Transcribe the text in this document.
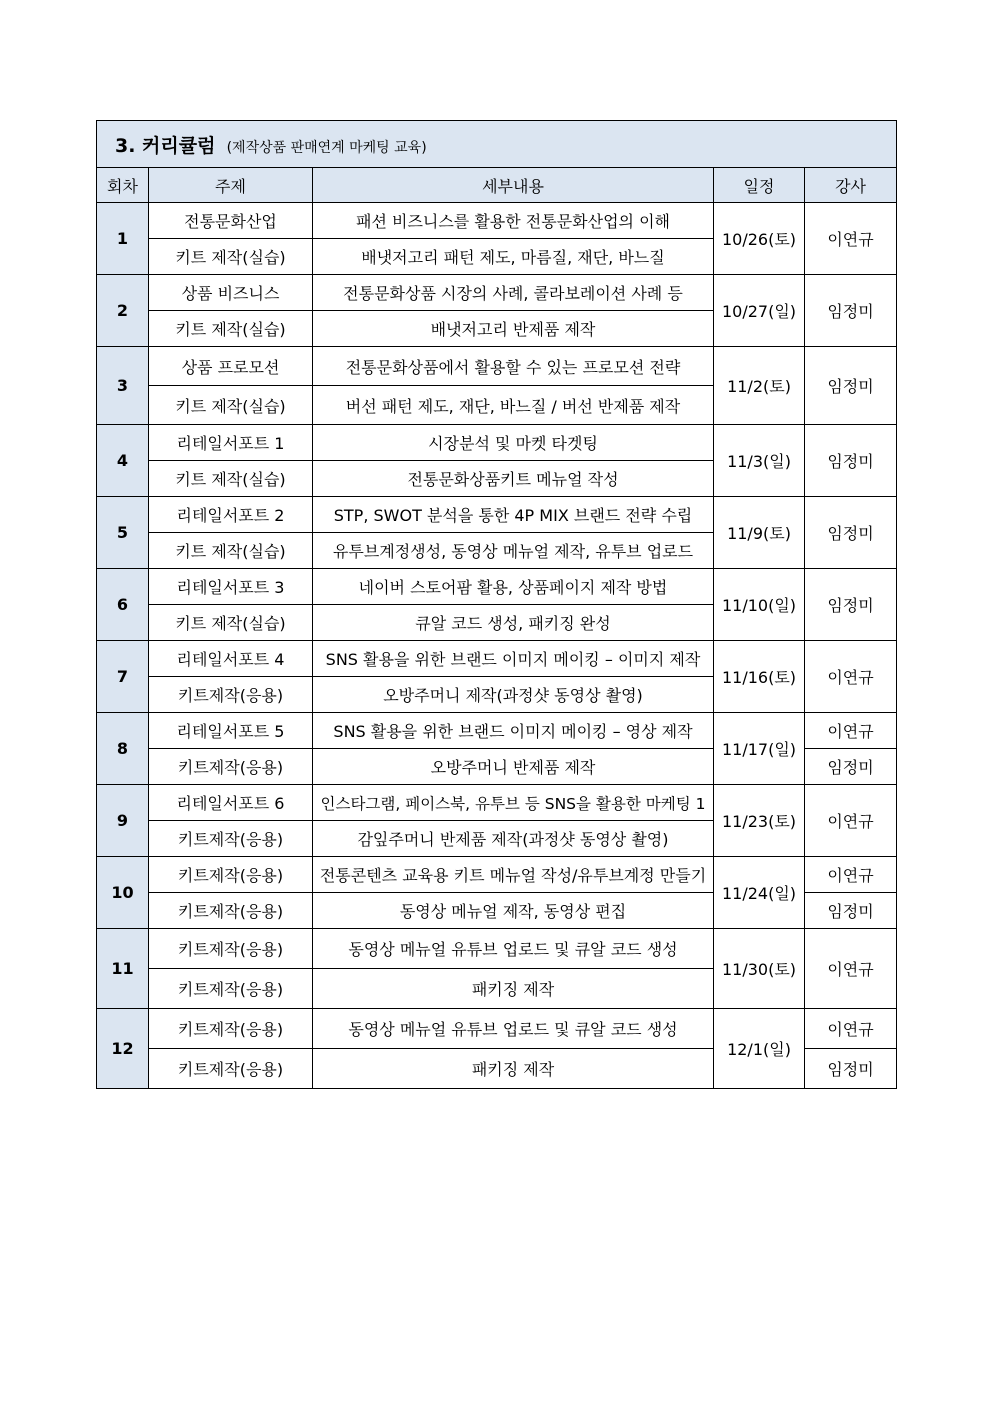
3. 커리큘럼 (제작상품 판매연계 마케팅 교육)				
회차	주제	세부내용	일정	강사
1	전통문화산업	패션 비즈니스를 활용한 전통문화산업의 이해	10/26(토)	이연규
	키트 제작(실습)	배냇저고리 패턴 제도, 마름질, 재단, 바느질		
2	상품 비즈니스	전통문화상품 시장의 사례, 콜라보레이션 사례 등	10/27(일)	임정미
	키트 제작(실습)	배냇저고리 반제품 제작		
3	상품 프로모션	전통문화상품에서 활용할 수 있는 프로모션 전략	11/2(토)	임정미
	키트 제작(실습)	버선 패턴 제도, 재단, 바느질 / 버선 반제품 제작		
4	리테일서포트 1	시장분석 및 마켓 타겟팅	11/3(일)	임정미
	키트 제작(실습)	전통문화상품키트 메뉴얼 작성		
5	리테일서포트 2	STP, SWOT 분석을 통한 4P MIX 브랜드 전략 수립	11/9(토)	임정미
	키트 제작(실습)	유투브계정생성, 동영상 메뉴얼 제작, 유투브 업로드		
6	리테일서포트 3	네이버 스토어팜 활용, 상품페이지 제작 방법	11/10(일)	임정미
	키트 제작(실습)	큐알 코드 생성, 패키징 완성		
7	리테일서포트 4	SNS 활용을 위한 브랜드 이미지 메이킹 – 이미지 제작	11/16(토)	이연규
	키트제작(응용)	오방주머니 제작(과정샷 동영상 촬영)		
8	리테일서포트 5	SNS 활용을 위한 브랜드 이미지 메이킹 – 영상 제작	11/17(일)	이연규
	키트제작(응용)	오방주머니 반제품 제작		임정미
9	리테일서포트 6	인스타그램, 페이스북, 유투브 등 SNS을 활용한 마케팅 1	11/23(토)	이연규
	키트제작(응용)	감잎주머니 반제품 제작(과정샷 동영상 촬영)		
10	키트제작(응용)	전통콘텐츠 교육용 키트 메뉴얼 작성/유투브계정 만들기	11/24(일)	이연규
	키트제작(응용)	동영상 메뉴얼 제작, 동영상 편집		임정미
11	키트제작(응용)	동영상 메뉴얼 유튜브 업로드 및 큐알 코드 생성	11/30(토)	이연규
	키트제작(응용)	패키징 제작		
12	키트제작(응용)	동영상 메뉴얼 유튜브 업로드 및 큐알 코드 생성	12/1(일)	이연규
	키트제작(응용)	패키징 제작		임정미
